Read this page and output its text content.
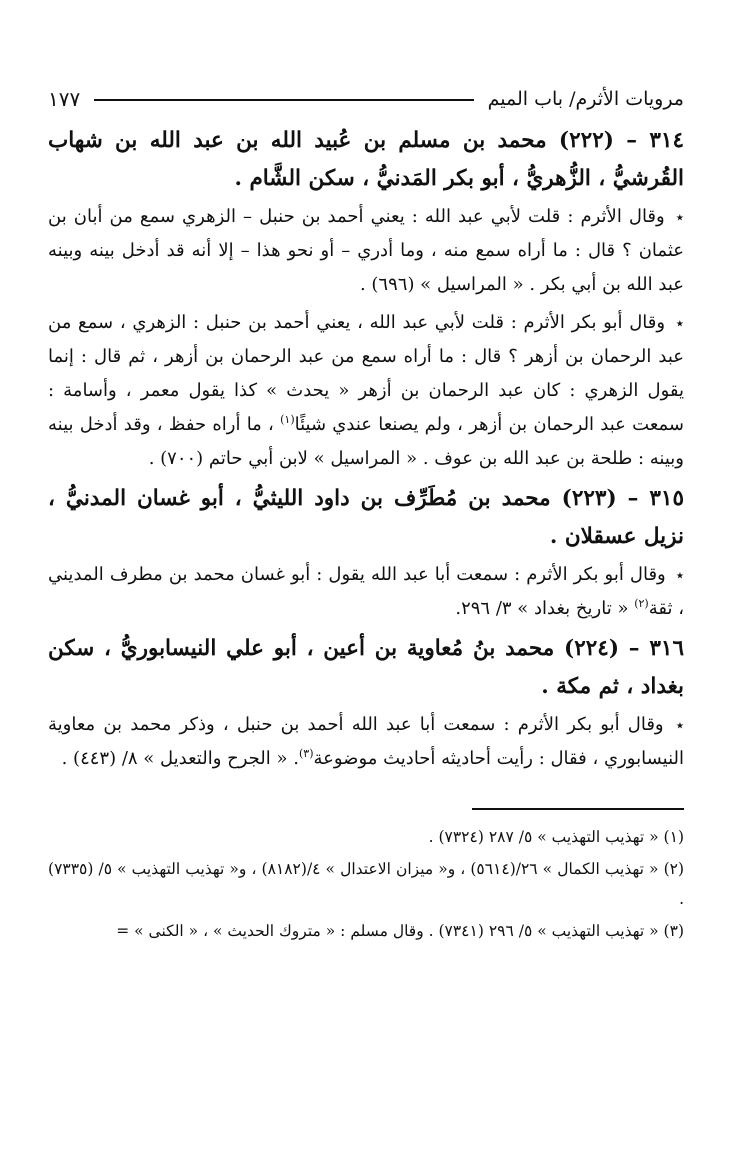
مرويات الأثرم/ باب الميم
١٧٧

٣١٤ – (٢٢٢) محمد بن مسلم بن عُبيد الله بن عبد الله بن شهاب القُرشيُّ ، الزُّهريُّ ، أبو بكر المَدنيُّ ، سكن الشَّام .

٭ وقال الأثرم : قلت لأبي عبد الله : يعني أحمد بن حنبل – الزهري سمع من أبان بن عثمان ؟ قال : ما أراه سمع منه ، وما أدري – أو نحو هذا – إلا أنه قد أدخل بينه وبينه عبد الله بن أبي بكر . « المراسيل » (٦٩٦) .

٭ وقال أبو بكر الأثرم : قلت لأبي عبد الله ، يعني أحمد بن حنبل : الزهري ، سمع من عبد الرحمان بن أزهر ؟ قال : ما أراه سمع من عبد الرحمان بن أزهر ، ثم قال : إنما يقول الزهري : كان عبد الرحمان بن أزهر « يحدث » كذا يقول معمر ، وأسامة : سمعت عبد الرحمان بن أزهر ، ولم يصنعا عندي شيئًا$^{(١)}$ ، ما أراه حفظ ، وقد أدخل بينه وبينه : طلحة بن عبد الله بن عوف . « المراسيل » لابن أبي حاتم (٧٠٠) .

٣١٥ – (٢٢٣) محمد بن مُطَرِّف بن داود الليثيُّ ، أبو غسان المدنيُّ ، نزيل عسقلان .

٭ وقال أبو بكر الأثرم : سمعت أبا عبد الله يقول : أبو غسان محمد بن مطرف المديني ، ثقة$^{(٢)}$ « تاريخ بغداد » ٣/ ٢٩٦.

٣١٦ – (٢٢٤) محمد بنُ مُعاوية بن أعين ، أبو علي النيسابوريُّ ، سكن بغداد ، ثم مكة .

٭ وقال أبو بكر الأثرم : سمعت أبا عبد الله أحمد بن حنبل ، وذكر محمد بن معاوية النيسابوري ، فقال : رأيت أحاديثه أحاديث موضوعة$^{(٣)}$. « الجرح والتعديل » ٨/ (٤٤٣) .

(١) « تهذيب التهذيب » ٥/ ٢٨٧ (٧٣٢٤) .

(٢) « تهذيب الكمال » ٢٦/(٥٦١٤) ، و« ميزان الاعتدال » ٤/(٨١٨٢) ، و« تهذيب التهذيب » ٥/ (٧٣٣٥) .

(٣) « تهذيب التهذيب » ٥/ ٢٩٦ (٧٣٤١) . وقال مسلم : « متروك الحديث » ، « الكنى » =
